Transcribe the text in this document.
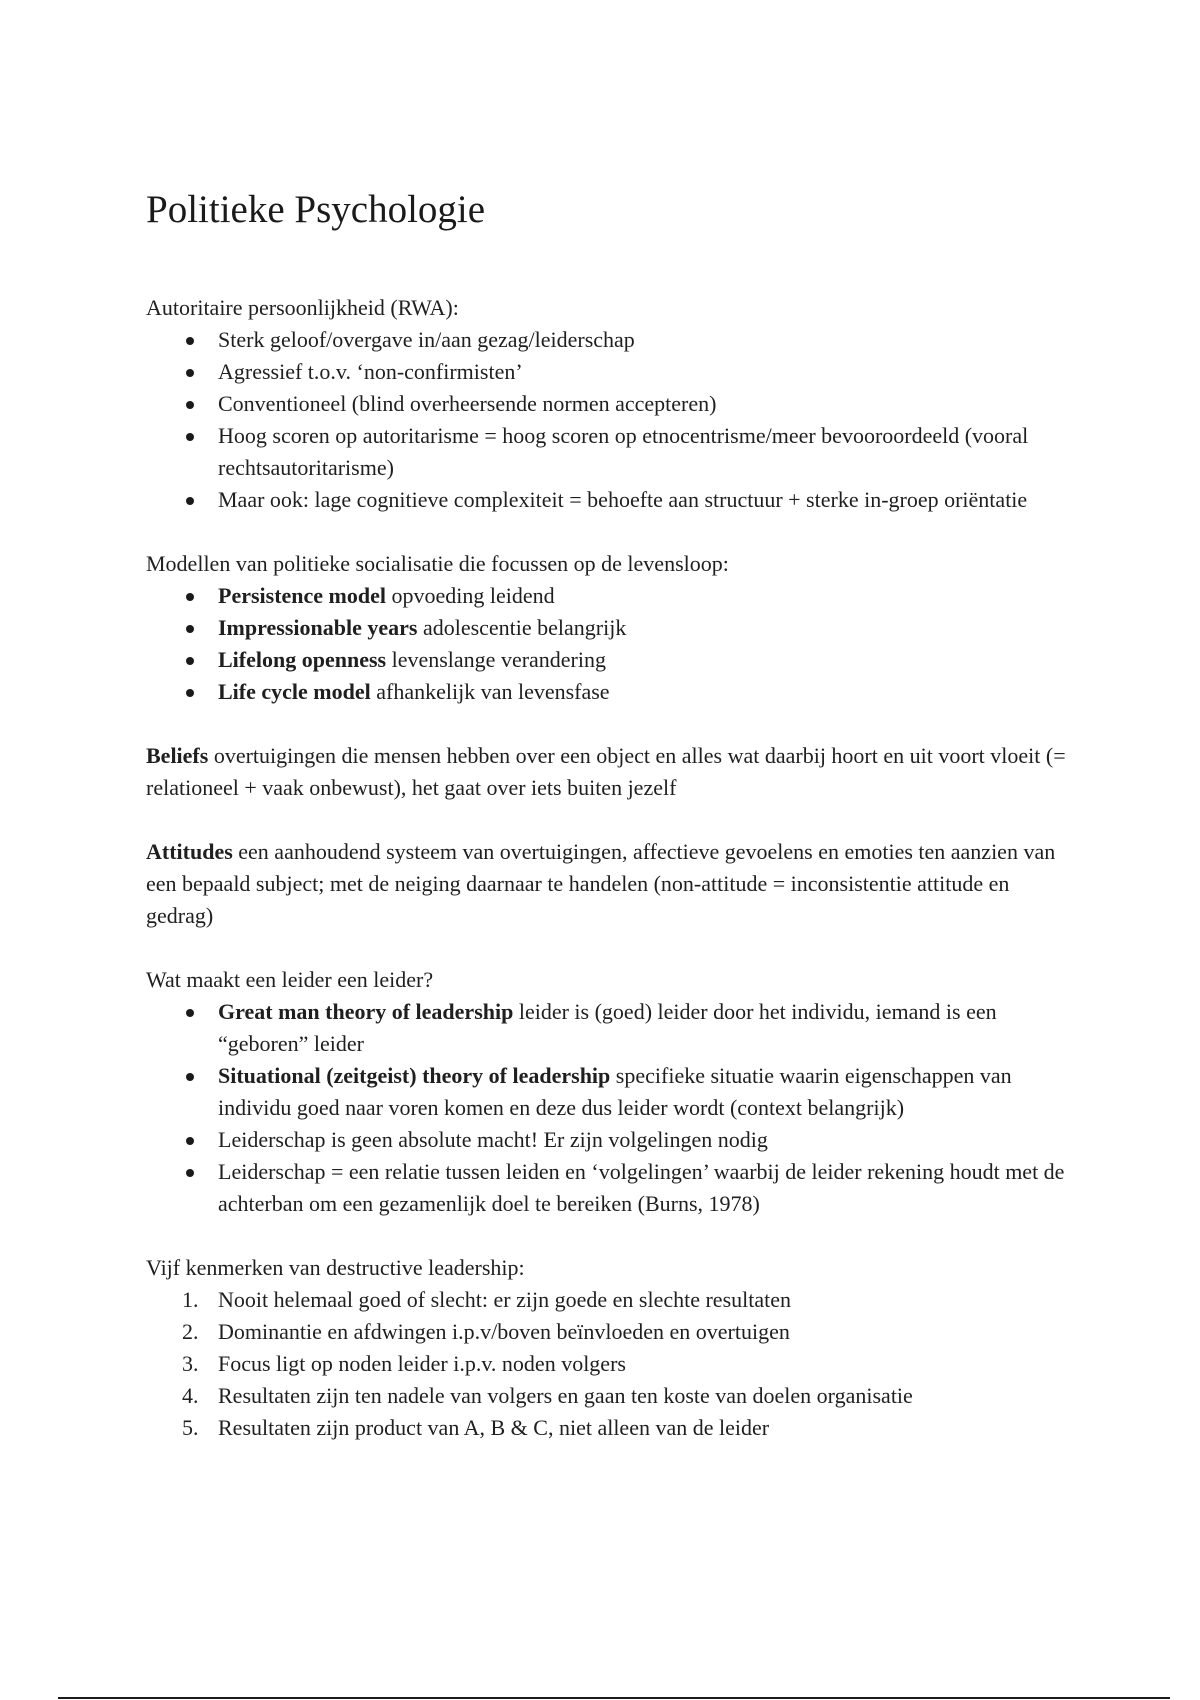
Politieke Psychologie

Autoritaire persoonlijkheid (RWA):

Sterk geloof/overgave in/aan gezag/leiderschap
Agressief t.o.v. ‘non-confirmisten’
Conventioneel (blind overheersende normen accepteren)
Hoog scoren op autoritarisme = hoog scoren op etnocentrisme/meer bevooroordeeld (vooral rechtsautoritarisme)
Maar ook: lage cognitieve complexiteit = behoefte aan structuur + sterke in-groep oriëntatie

Modellen van politieke socialisatie die focussen op de levensloop:

Persistence model opvoeding leidend
Impressionable years adolescentie belangrijk
Lifelong openness levenslange verandering
Life cycle model afhankelijk van levensfase

Beliefs overtuigingen die mensen hebben over een object en alles wat daarbij hoort en uit voort vloeit (= relationeel + vaak onbewust), het gaat over iets buiten jezelf

Attitudes een aanhoudend systeem van overtuigingen, affectieve gevoelens en emoties ten aanzien van een bepaald subject; met de neiging daarnaar te handelen (non-attitude = inconsistentie attitude en gedrag)

Wat maakt een leider een leider?

Great man theory of leadership leider is (goed) leider door het individu, iemand is een “geboren” leider
Situational (zeitgeist) theory of leadership specifieke situatie waarin eigenschappen van individu goed naar voren komen en deze dus leider wordt (context belangrijk)
Leiderschap is geen absolute macht! Er zijn volgelingen nodig
Leiderschap = een relatie tussen leiden en ‘volgelingen’ waarbij de leider rekening houdt met de achterban om een gezamenlijk doel te bereiken (Burns, 1978)

Vijf kenmerken van destructive leadership:

1. Nooit helemaal goed of slecht: er zijn goede en slechte resultaten
2. Dominantie en afdwingen i.p.v/boven beïnvloeden en overtuigen
3. Focus ligt op noden leider i.p.v. noden volgers
4. Resultaten zijn ten nadele van volgers en gaan ten koste van doelen organisatie
5. Resultaten zijn product van A, B & C, niet alleen van de leider
